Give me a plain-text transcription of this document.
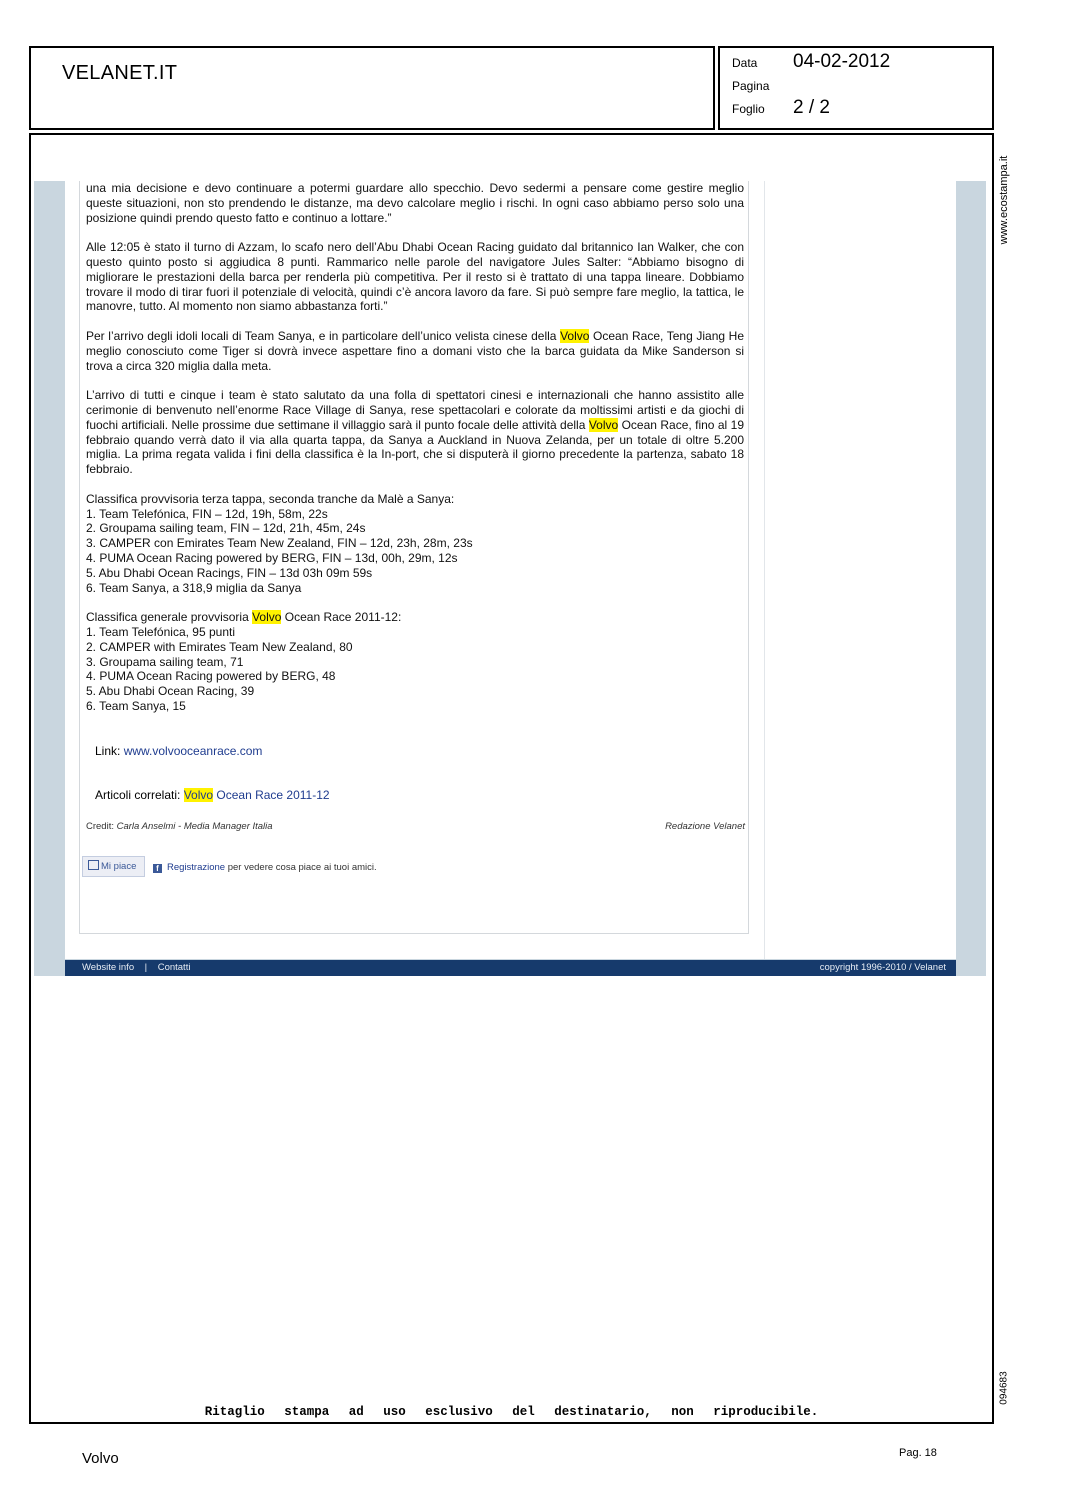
VELANET.IT	Data 04-02-2012
Pagina
Foglio 2 / 2
www.ecostampa.it
094683

una mia decisione e devo continuare a potermi guardare allo specchio. Devo sedermi a pensare come gestire meglio queste situazioni, non sto prendendo le distanze, ma devo calcolare meglio i rischi. In ogni caso abbiamo perso solo una posizione quindi prendo questo fatto e continuo a lottare.”

Alle 12:05 è stato il turno di Azzam, lo scafo nero dell’Abu Dhabi Ocean Racing guidato dal britannico Ian Walker, che con questo quinto posto si aggiudica 8 punti. Rammarico nelle parole del navigatore Jules Salter: “Abbiamo bisogno di migliorare le prestazioni della barca per renderla più competitiva. Per il resto si è trattato di una tappa lineare. Dobbiamo trovare il modo di tirar fuori il potenziale di velocità, quindi c’è ancora lavoro da fare. Si può sempre fare meglio, la tattica, le manovre, tutto. Al momento non siamo abbastanza forti.”

Per l’arrivo degli idoli locali di Team Sanya, e in particolare dell’unico velista cinese della Volvo Ocean Race, Teng Jiang He meglio conosciuto come Tiger si dovrà invece aspettare fino a domani visto che la barca guidata da Mike Sanderson si trova a circa 320 miglia dalla meta.

L’arrivo di tutti e cinque i team è stato salutato da una folla di spettatori cinesi e internazionali che hanno assistito alle cerimonie di benvenuto nell’enorme Race Village di Sanya, rese spettacolari e colorate da moltissimi artisti e da giochi di fuochi artificiali. Nelle prossime due settimane il villaggio sarà il punto focale delle attività della Volvo Ocean Race, fino al 19 febbraio quando verrà dato il via alla quarta tappa, da Sanya a Auckland in Nuova Zelanda, per un totale di oltre 5.200 miglia. La prima regata valida i fini della classifica è la In-port, che si disputerà il giorno precedente la partenza, sabato 18 febbraio.

Classifica provvisoria terza tappa, seconda tranche da Malè a Sanya:
1. Team Telefónica, FIN – 12d, 19h, 58m, 22s
2. Groupama sailing team, FIN – 12d, 21h, 45m, 24s
3. CAMPER con Emirates Team New Zealand, FIN – 12d, 23h, 28m, 23s
4. PUMA Ocean Racing powered by BERG, FIN – 13d, 00h, 29m, 12s
5. Abu Dhabi Ocean Racings, FIN – 13d 03h 09m 59s
6. Team Sanya, a 318,9 miglia da Sanya
Classifica generale provvisoria Volvo Ocean Race 2011-12:
1. Team Telefónica, 95 punti
2. CAMPER with Emirates Team New Zealand, 80
3. Groupama sailing team, 71
4. PUMA Ocean Racing powered by BERG, 48
5. Abu Dhabi Ocean Racing, 39
6. Team Sanya, 15
Link: www.volvooceanrace.com
Articoli correlati: Volvo Ocean Race 2011-12
Credit: Carla Anselmi - Media Manager Italia	Redazione Velanet
Mi piace	f Registrazione per vedere cosa piace ai tuoi amici.
Website info | Contatti	copyright 1996-2010 / Velanet
Ritaglio stampa ad uso esclusivo del destinatario, non riproducibile.
Volvo	Pag. 18
